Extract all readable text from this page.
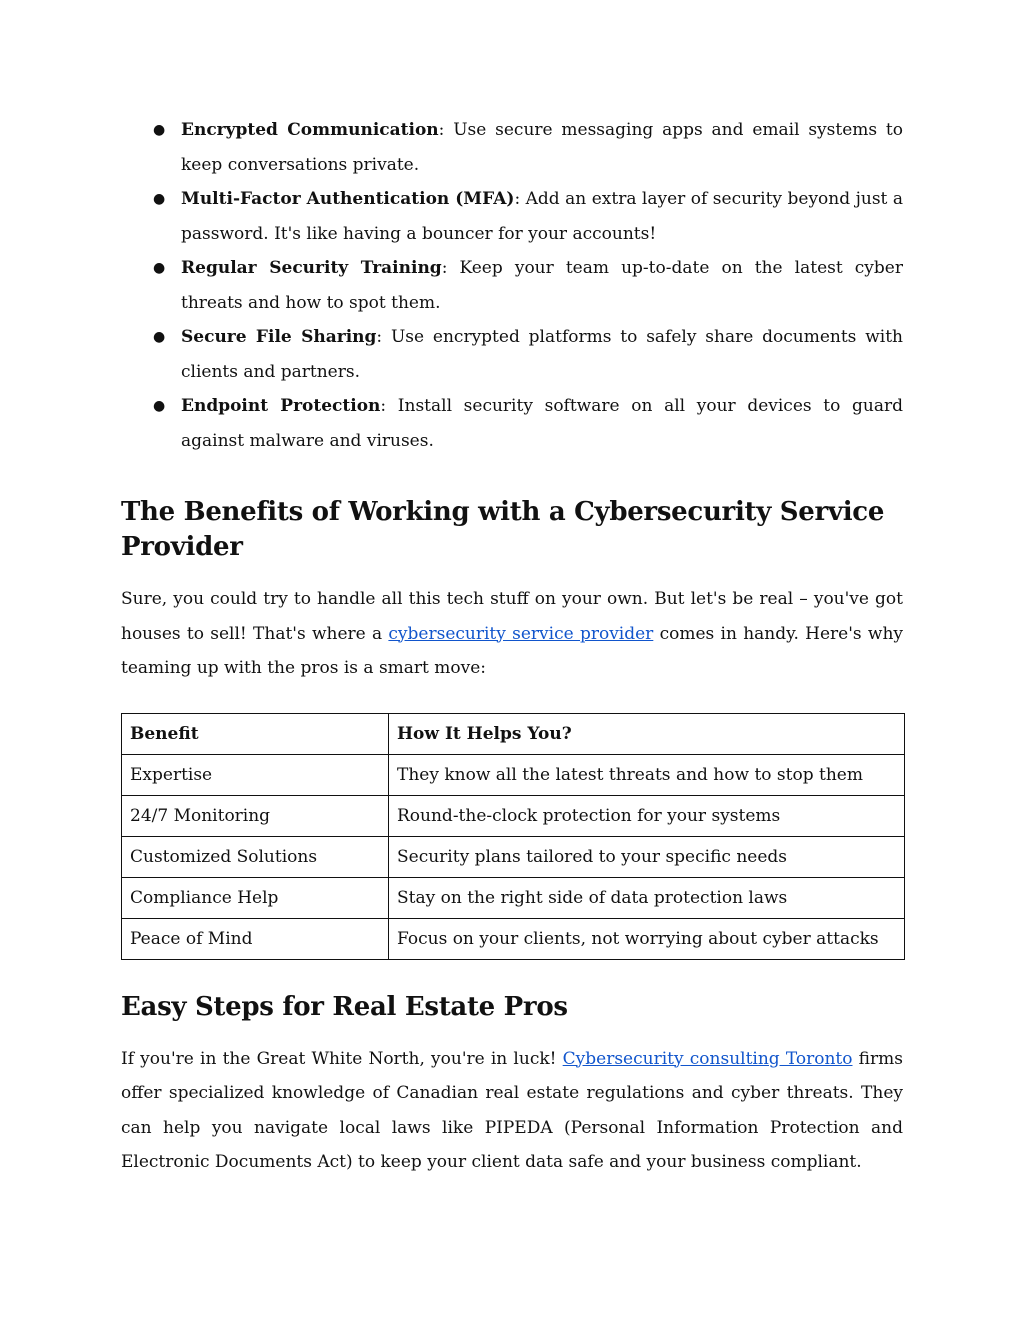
● Encrypted Communication: Use secure messaging apps and email systems to keep conversations private.
● Multi-Factor Authentication (MFA): Add an extra layer of security beyond just a password. It's like having a bouncer for your accounts!
● Regular Security Training: Keep your team up-to-date on the latest cyber threats and how to spot them.
● Secure File Sharing: Use encrypted platforms to safely share documents with clients and partners.
● Endpoint Protection: Install security software on all your devices to guard against malware and viruses.
The Benefits of Working with a Cybersecurity Service Provider

Sure, you could try to handle all this tech stuff on your own. But let's be real – you've got houses to sell! That's where a cybersecurity service provider comes in handy. Here's why teaming up with the pros is a smart move:

Benefit	How It Helps You?
Expertise	They know all the latest threats and how to stop them
24/7 Monitoring	Round-the-clock protection for your systems
Customized Solutions	Security plans tailored to your specific needs
Compliance Help	Stay on the right side of data protection laws
Peace of Mind	Focus on your clients, not worrying about cyber attacks
Easy Steps for Real Estate Pros

If you're in the Great White North, you're in luck! Cybersecurity consulting Toronto firms offer specialized knowledge of Canadian real estate regulations and cyber threats. They can help you navigate local laws like PIPEDA (Personal Information Protection and Electronic Documents Act) to keep your client data safe and your business compliant.
